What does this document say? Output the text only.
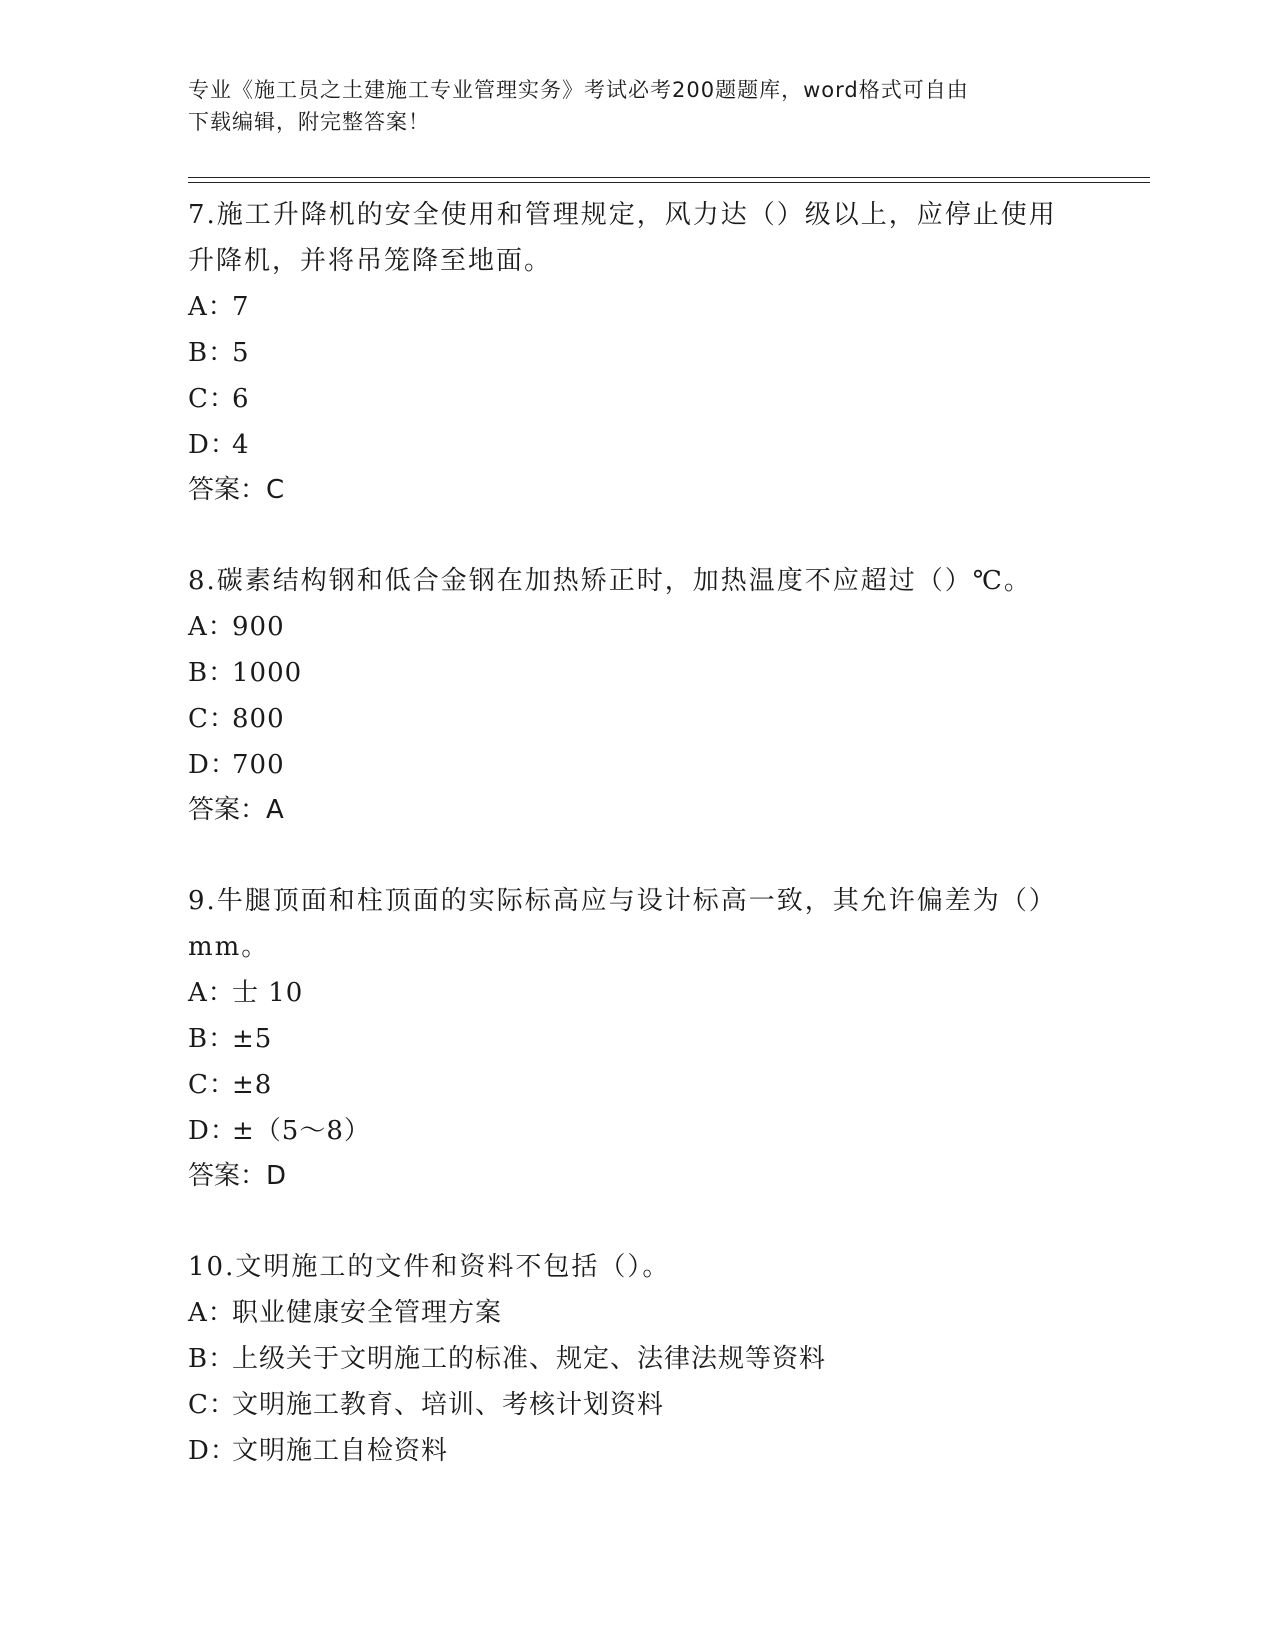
专业《施工员之土建施工专业管理实务》考试必考200题题库，word格式可自由
下载编辑，附完整答案！
7.施工升降机的安全使用和管理规定，风力达（）级以上，应停止使用升降机，并将吊笼降至地面。
A：7
B：5
C：6
D：4
答案：C
8.碳素结构钢和低合金钢在加热矫正时，加热温度不应超过（）℃。
A：900
B：1000
C：800
D：700
答案：A
9.牛腿顶面和柱顶面的实际标高应与设计标高一致，其允许偏差为（）mm。
A：士 10
B：±5
C：±8
D：±（5～8）
答案：D
10.文明施工的文件和资料不包括（）。
A：职业健康安全管理方案
B：上级关于文明施工的标准、规定、法律法规等资料
C：文明施工教育、培训、考核计划资料
D：文明施工自检资料
